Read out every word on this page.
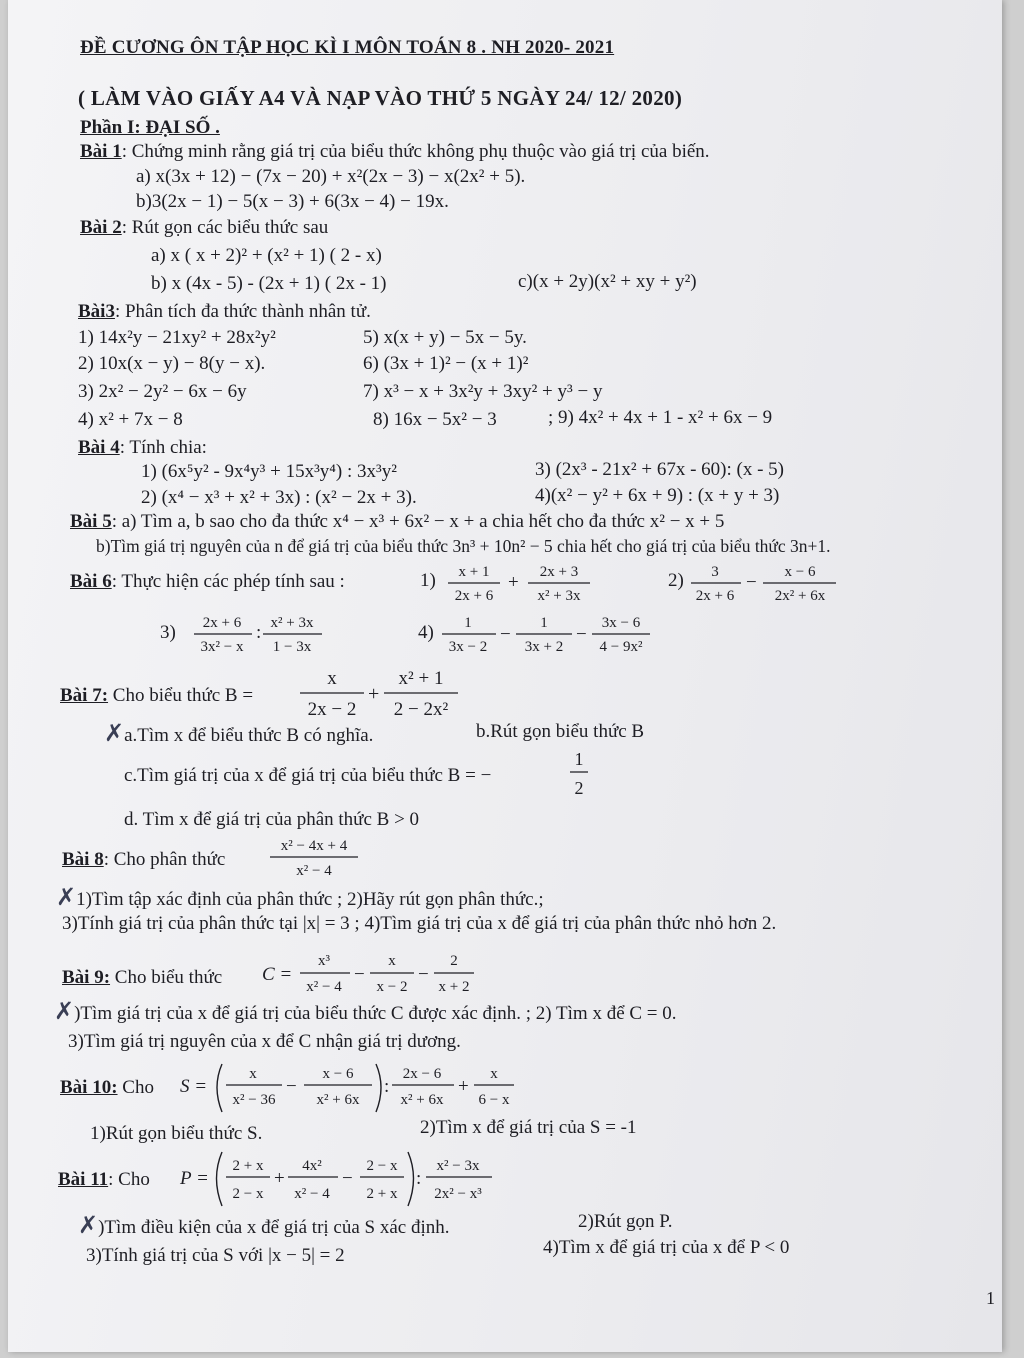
ĐỀ CƯƠNG ÔN TẬP HỌC KÌ I MÔN TOÁN 8 . NH 2020- 2021
( LÀM VÀO GIẤY A4 VÀ NẠP VÀO THỨ 5 NGÀY 24/ 12/ 2020)
Phần I: ĐẠI SỐ .
Bài 1: Chứng minh rằng giá trị của biểu thức không phụ thuộc vào giá trị của biến.
a) x(3x + 12) − (7x − 20) + x²(2x − 3) − x(2x² + 5).
b)3(2x − 1) − 5(x − 3) + 6(3x − 4) − 19x.
Bài 2: Rút gọn các biểu thức sau
a) x ( x + 2)² + (x² + 1) ( 2 - x)
b) x (4x - 5) - (2x + 1) ( 2x - 1)	c)(x + 2y)(x² + xy + y²)
Bài3: Phân tích đa thức thành nhân tử.
1) 14x²y − 21xy² + 28x²y²
2) 10x(x − y) − 8(y − x).
3) 2x² − 2y² − 6x − 6y
4) x² + 7x − 8
5) x(x + y) − 5x − 5y.
6) (3x + 1)² − (x + 1)²
7) x³ − x + 3x²y + 3xy² + y³ − y
8) 16x − 5x² − 3	; 9) 4x² + 4x + 1 - x² + 6x − 9
Bài 4: Tính chia:
1) (6x⁵y² - 9x⁴y³ + 15x³y⁴) : 3x³y²
2) (x⁴ − x³ + x² + 3x) : (x² − 2x + 3).
3) (2x³ - 21x² + 67x - 60): (x - 5)
4)(x² − y² + 6x + 9) : (x + y + 3)
Bài 5: a) Tìm a, b sao cho đa thức x⁴ − x³ + 6x² − x + a chia hết cho đa thức x² − x + 5
b)Tìm giá trị nguyên của n để giá trị của biểu thức 3n³ + 10n² − 5 chia hết cho giá trị của biểu thức 3n+1.
Bài 6: Thực hiện các phép tính sau :	1) x + 1
2x + 6
+ 2x + 3
x² + 3x
2) 3
2x + 6
− x − 6
2x² + 6x
3) 2x + 6
3x² − x
: x² + 3x
1 − 3x
4) 1
3x − 2
−
1
3x + 2
−
3x − 6
4 − 9x²
x
2x − 2
+
x² + 1
2 − 2x²
1
2
x² − 4x + 4
x² − 4
C =
x³
x² − 4
−
x
x − 2
−
2
x + 2
S =
x
x² − 36
−
x − 6
x² + 6x
:
2x − 6
x² + 6x
+
x
6 − x
P =
2 + x
2 − x
+
4x²
x² − 4
−
2 − x
2 + x
:
x² − 3x
2x² − x³
Bài 7: Cho biểu thức B =
✗a.Tìm x để biểu thức B có nghĩa.	b.Rút gọn biểu thức B
c.Tìm giá trị của x để giá trị của biểu thức B = −
d. Tìm x để giá trị của phân thức B > 0
Bài 8: Cho phân thức
✗1)Tìm tập xác định của phân thức ; 2)Hãy rút gọn phân thức.;
3)Tính giá trị của phân thức tại |x| = 3 ; 4)Tìm giá trị của x để giá trị của phân thức nhỏ hơn 2.
Bài 9: Cho biểu thức
✗)Tìm giá trị của x để giá trị của biểu thức C được xác định. ; 2) Tìm x để C = 0.
3)Tìm giá trị nguyên của x để C nhận giá trị dương.
Bài 10: Cho
1)Rút gọn biểu thức S.	2)Tìm x để giá trị của S = -1
Bài 11: Cho
✗)Tìm điều kiện của x để giá trị của S xác định.	2)Rút gọn P.
3)Tính giá trị của S với |x − 5| = 2	4)Tìm x để giá trị của x để P < 0
1
